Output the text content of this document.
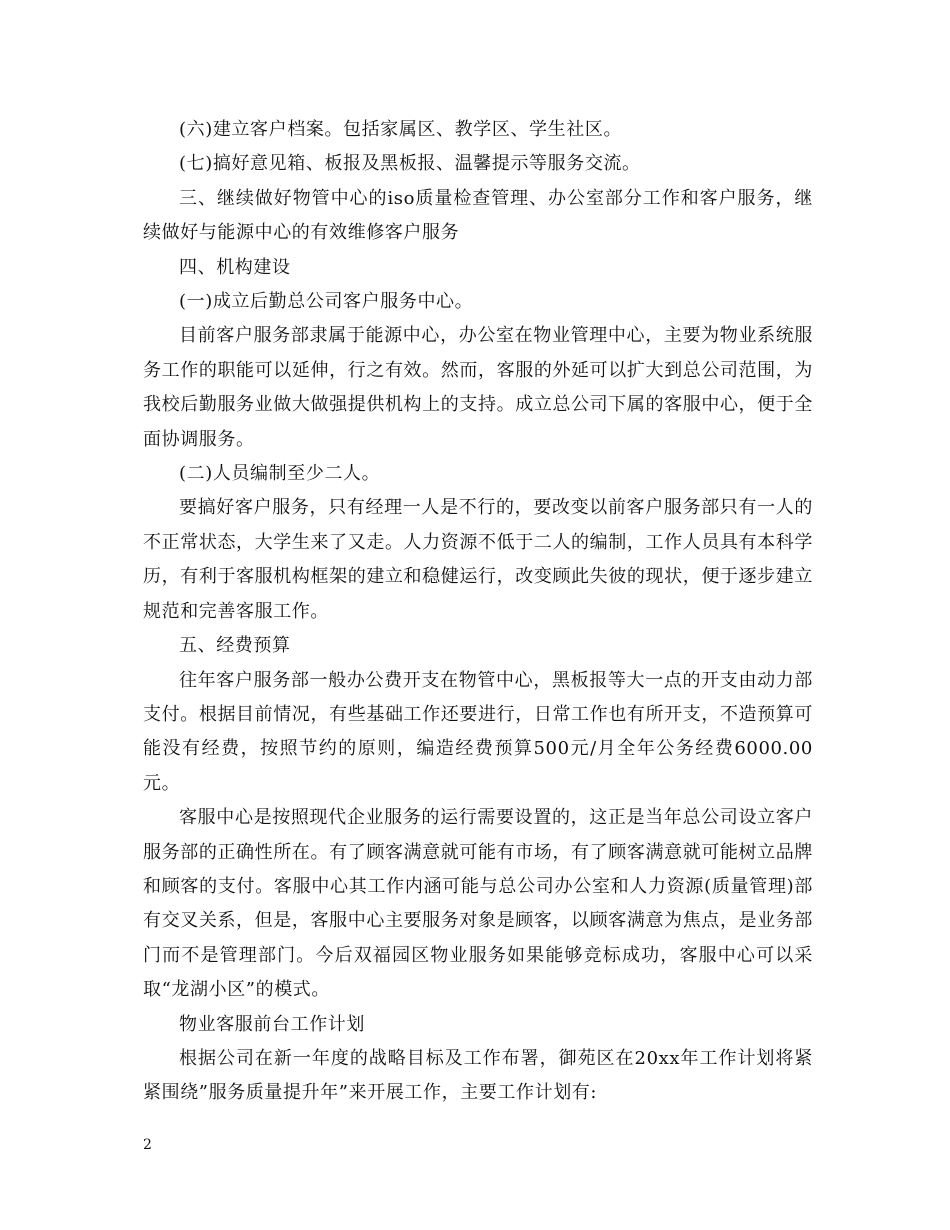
(六)建立客户档案。包括家属区、教学区、学生社区。

(七)搞好意见箱、板报及黑板报、温馨提示等服务交流。

三、继续做好物管中心的iso质量检查管理、办公室部分工作和客户服务，继续做好与能源中心的有效维修客户服务

四、机构建设

(一)成立后勤总公司客户服务中心。

目前客户服务部隶属于能源中心，办公室在物业管理中心，主要为物业系统服务工作的职能可以延伸，行之有效。然而，客服的外延可以扩大到总公司范围，为我校后勤服务业做大做强提供机构上的支持。成立总公司下属的客服中心，便于全面协调服务。

(二)人员编制至少二人。

要搞好客户服务，只有经理一人是不行的，要改变以前客户服务部只有一人的不正常状态，大学生来了又走。人力资源不低于二人的编制，工作人员具有本科学历，有利于客服机构框架的建立和稳健运行，改变顾此失彼的现状，便于逐步建立规范和完善客服工作。

五、经费预算

往年客户服务部一般办公费开支在物管中心，黑板报等大一点的开支由动力部支付。根据目前情况，有些基础工作还要进行，日常工作也有所开支，不造预算可能没有经费，按照节约的原则，编造经费预算500元/月全年公务经费6000.00元。

客服中心是按照现代企业服务的运行需要设置的，这正是当年总公司设立客户服务部的正确性所在。有了顾客满意就可能有市场，有了顾客满意就可能树立品牌和顾客的支付。客服中心其工作内涵可能与总公司办公室和人力资源(质量管理)部有交叉关系，但是，客服中心主要服务对象是顾客，以顾客满意为焦点，是业务部门而不是管理部门。今后双福园区物业服务如果能够竞标成功，客服中心可以采取“龙湖小区”的模式。

物业客服前台工作计划

根据公司在新一年度的战略目标及工作布署，御苑区在20xx年工作计划将紧紧围绕”服务质量提升年”来开展工作，主要工作计划有:

2
